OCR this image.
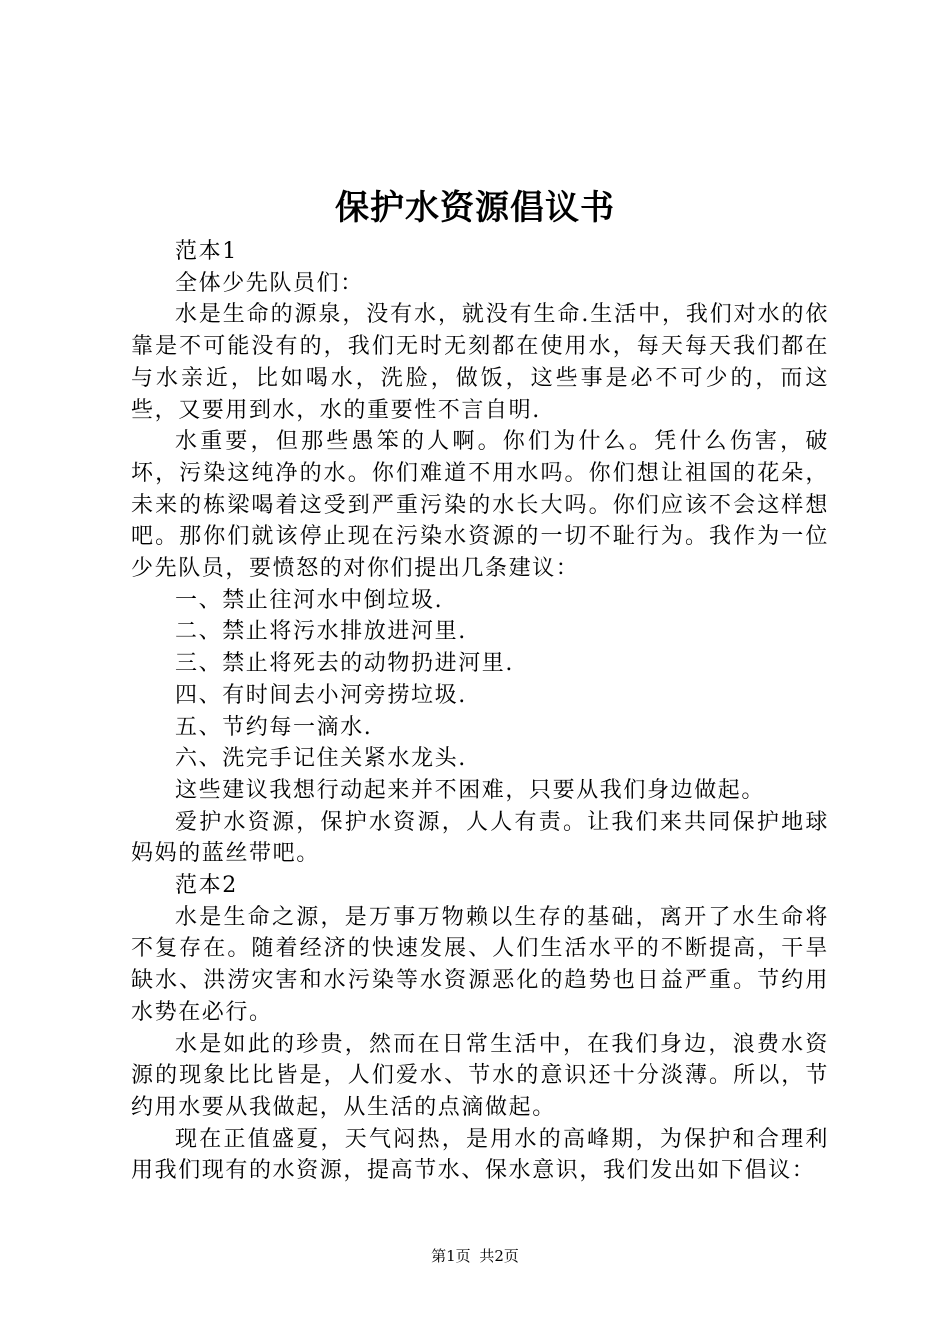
保护水资源倡议书

范本1

全体少先队员们：

水是生命的源泉，没有水，就没有生命.生活中，我们对水的依靠是不可能没有的，我们无时无刻都在使用水，每天每天我们都在与水亲近，比如喝水，洗脸，做饭，这些事是必不可少的，而这些，又要用到水，水的重要性不言自明.

水重要，但那些愚笨的人啊。你们为什么。凭什么伤害，破坏，污染这纯净的水。你们难道不用水吗。你们想让祖国的花朵，未来的栋梁喝着这受到严重污染的水长大吗。你们应该不会这样想吧。那你们就该停止现在污染水资源的一切不耻行为。我作为一位少先队员，要愤怒的对你们提出几条建议：

一、禁止往河水中倒垃圾.

二、禁止将污水排放进河里.

三、禁止将死去的动物扔进河里.

四、有时间去小河旁捞垃圾.

五、节约每一滴水.

六、洗完手记住关紧水龙头.

这些建议我想行动起来并不困难，只要从我们身边做起。

爱护水资源，保护水资源，人人有责。让我们来共同保护地球妈妈的蓝丝带吧。

范本2

水是生命之源，是万事万物赖以生存的基础，离开了水生命将不复存在。随着经济的快速发展、人们生活水平的不断提高，干旱缺水、洪涝灾害和水污染等水资源恶化的趋势也日益严重。节约用水势在必行。

水是如此的珍贵，然而在日常生活中，在我们身边，浪费水资源的现象比比皆是，人们爱水、节水的意识还十分淡薄。所以，节约用水要从我做起，从生活的点滴做起。

现在正值盛夏，天气闷热，是用水的高峰期，为保护和合理利用我们现有的水资源，提高节水、保水意识，我们发出如下倡议：

第1页 共2页
